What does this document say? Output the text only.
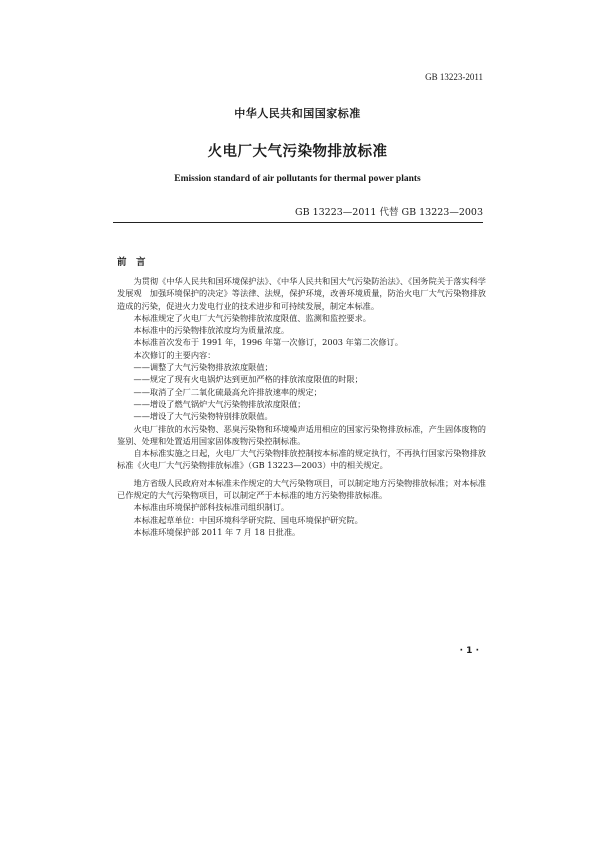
GB 13223-2011
中华人民共和国国家标准
火电厂大气污染物排放标准
Emission standard of air pollutants for thermal power plants
GB 13223—2011 代替 GB 13223—2003
前　言

为贯彻《中华人民共和国环境保护法》、《中华人民共和国大气污染防治法》、《国务院关于落实科学发展观　加强环境保护的决定》等法律、法规，保护环境，改善环境质量，防治火电厂大气污染物排放造成的污染，促进火力发电行业的技术进步和可持续发展，制定本标准。

本标准规定了火电厂大气污染物排放浓度限值、监测和监控要求。

本标准中的污染物排放浓度均为质量浓度。

本标准首次发布于 1991 年，1996 年第一次修订，2003 年第二次修订。

本次修订的主要内容：

——调整了大气污染物排放浓度限值；

——规定了现有火电锅炉达到更加严格的排放浓度限值的时限；

——取消了全厂二氧化硫最高允许排放速率的规定；

——增设了燃气锅炉大气污染物排放浓度限值；

——增设了大气污染物特别排放限值。

火电厂排放的水污染物、恶臭污染物和环境噪声适用相应的国家污染物排放标准，产生固体废物的鉴别、处理和处置适用国家固体废物污染控制标准。

自本标准实施之日起，火电厂大气污染物排放控制按本标准的规定执行，不再执行国家污染物排放标准《火电厂大气污染物排放标准》（GB 13223—2003）中的相关规定。

地方省级人民政府对本标准未作规定的大气污染物项目，可以制定地方污染物排放标准；对本标准已作规定的大气污染物项目，可以制定严于本标准的地方污染物排放标准。

本标准由环境保护部科技标准司组织制订。

本标准起草单位：中国环境科学研究院、国电环境保护研究院。

本标准环境保护部 2011 年 7 月 18 日批准。

· 1 ·
